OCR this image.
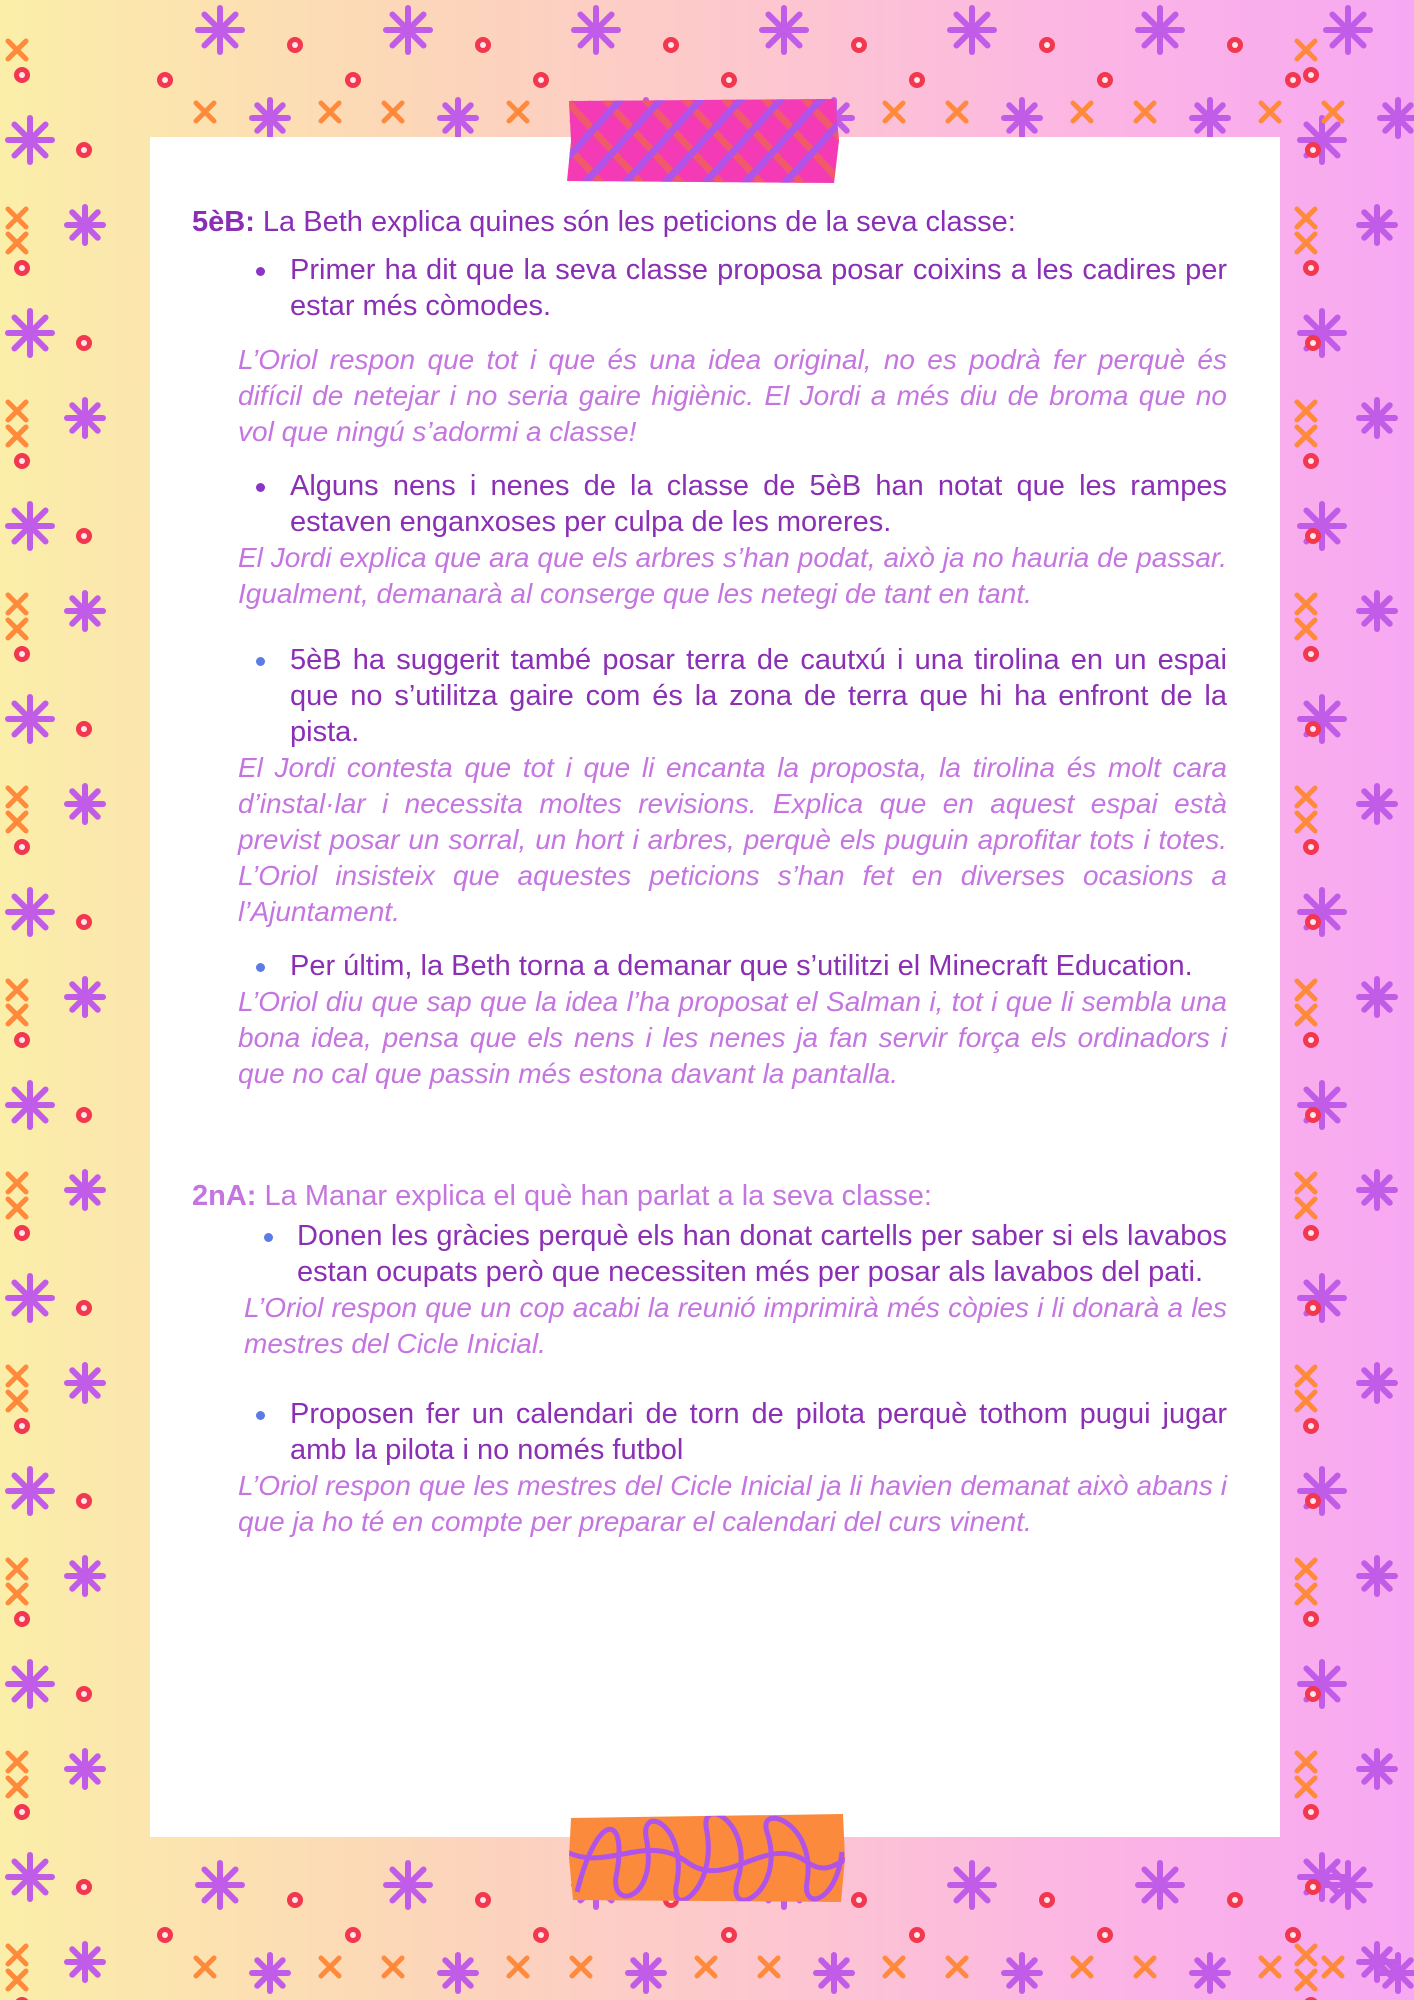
5èB: La Beth explica quines són les peticions de la seva classe:

Primer ha dit que la seva classe proposa posar coixins a les cadires per estar més còmodes.
L’Oriol respon que tot i que és una idea original, no es podrà fer perquè és difícil de netejar i no seria gaire higiènic. El Jordi a més diu de broma que no vol que ningú s’adormi a classe!
Alguns nens i nenes de la classe de 5èB han notat que les rampes estaven enganxoses per culpa de les moreres.
El Jordi explica que ara que els arbres s’han podat, això ja no hauria de passar. Igualment, demanarà al conserge que les netegi de tant en tant.
5èB ha suggerit també posar terra de cautxú i una tirolina en un espai que no s’utilitza gaire com és la zona de terra que hi ha enfront de la pista.
El Jordi contesta que tot i que li encanta la proposta, la tirolina és molt cara d’instal·lar i necessita moltes revisions. Explica que en aquest espai està previst posar un sorral, un hort i arbres, perquè els puguin aprofitar tots i totes. L’Oriol insisteix que aquestes peticions s’han fet en diverses ocasions a l’Ajuntament.
Per últim, la Beth torna a demanar que s’utilitzi el Minecraft Education.
L’Oriol diu que sap que la idea l’ha proposat el Salman i, tot i que li sembla una bona idea, pensa que els nens i les nenes ja fan servir força els ordinadors i que no cal que passin més estona davant la pantalla.

2nA: La Manar explica el què han parlat a la seva classe:

Donen les gràcies perquè els han donat cartells per saber si els lavabos estan ocupats però que necessiten més per posar als lavabos del pati.
L’Oriol respon que un cop acabi la reunió imprimirà més còpies i li donarà a les mestres del Cicle Inicial.
Proposen fer un calendari de torn de pilota perquè tothom pugui jugar amb la pilota i no només futbol
L’Oriol respon que les mestres del Cicle Inicial ja li havien demanat això abans i que ja ho té en compte per preparar el calendari del curs vinent.
